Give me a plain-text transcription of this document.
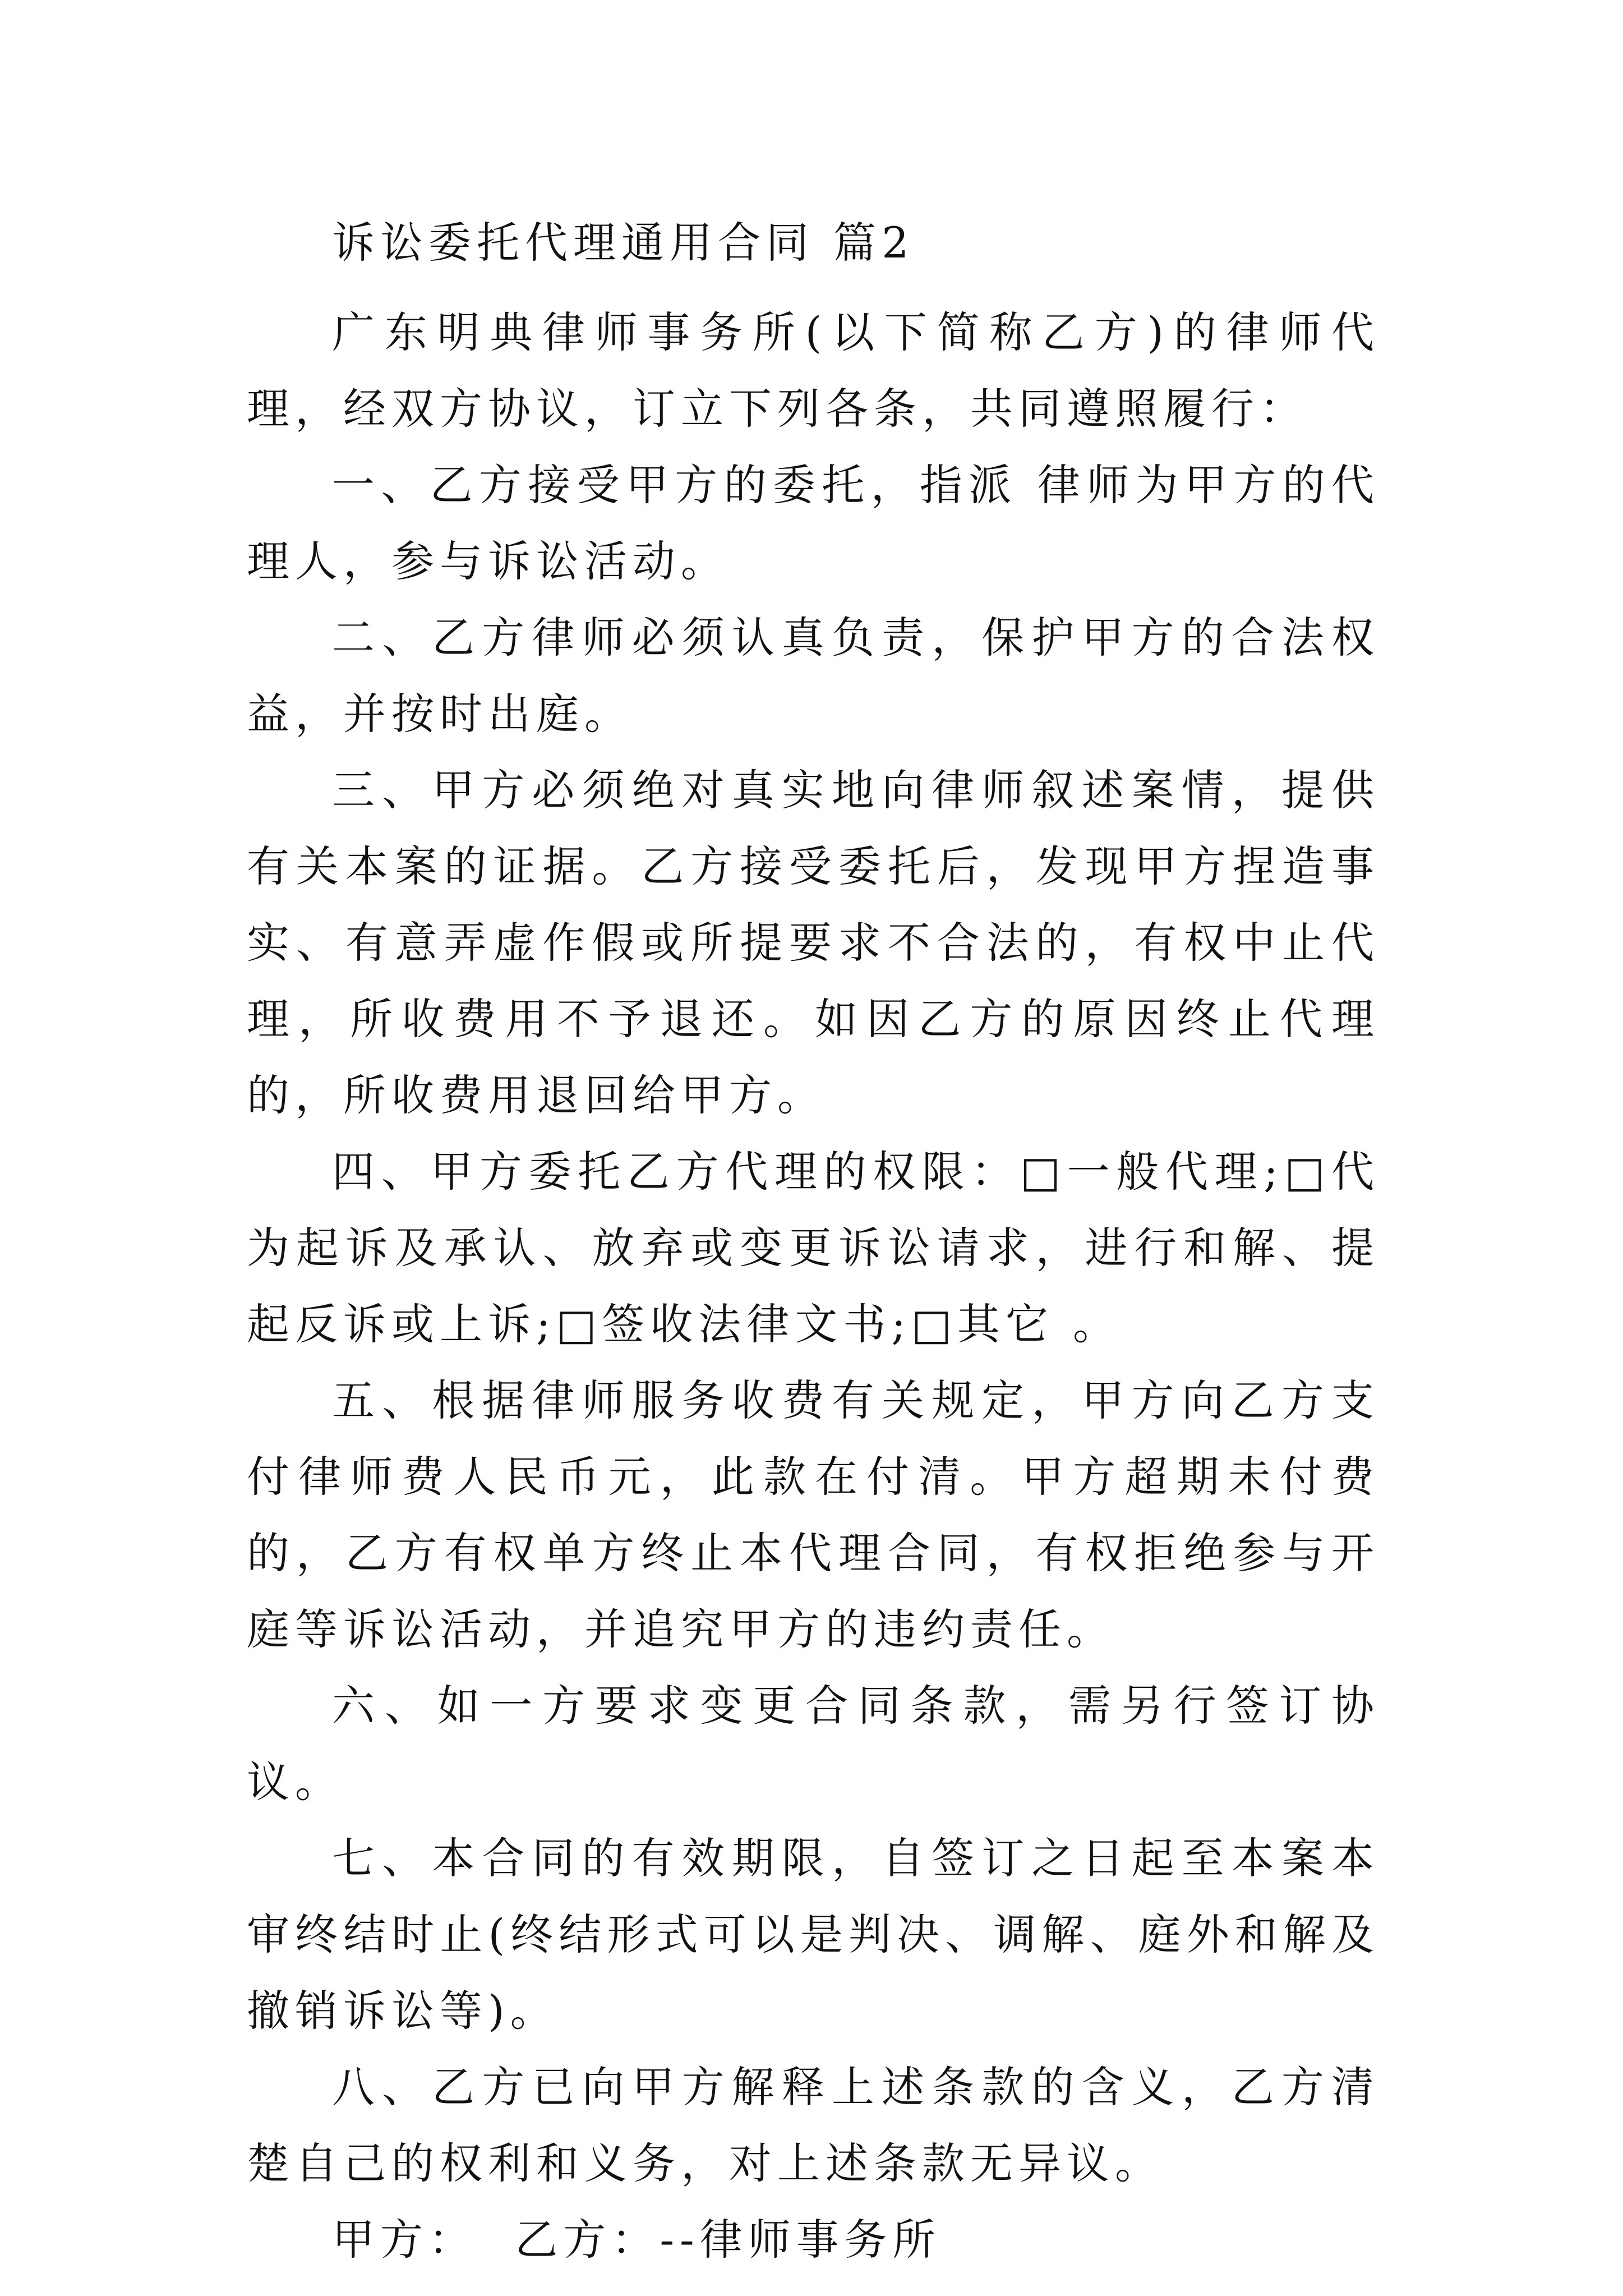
诉讼委托代理通用合同 篇2

广东明典律师事务所(以下简称乙方)的律师代理，经双方协议，订立下列各条，共同遵照履行：

一、乙方接受甲方的委托，指派 律师为甲方的代理人，参与诉讼活动。

二、乙方律师必须认真负责，保护甲方的合法权益，并按时出庭。

三、甲方必须绝对真实地向律师叙述案情，提供有关本案的证据。乙方接受委托后，发现甲方捏造事实、有意弄虚作假或所提要求不合法的，有权中止代理，所收费用不予退还。如因乙方的原因终止代理的，所收费用退回给甲方。

四、甲方委托乙方代理的权限：□一般代理;□代为起诉及承认、放弃或变更诉讼请求，进行和解、提起反诉或上诉;□签收法律文书;□其它 。

五、根据律师服务收费有关规定，甲方向乙方支付律师费人民币元，此款在付清。甲方超期未付费的，乙方有权单方终止本代理合同，有权拒绝参与开庭等诉讼活动，并追究甲方的违约责任。

六、如一方要求变更合同条款，需另行签订协议。

七、本合同的有效期限，自签订之日起至本案本审终结时止(终结形式可以是判决、调解、庭外和解及撤销诉讼等)。

八、乙方已向甲方解释上述条款的含义，乙方清楚自己的权利和义务，对上述条款无异议。

甲方：  乙方：--律师事务所
